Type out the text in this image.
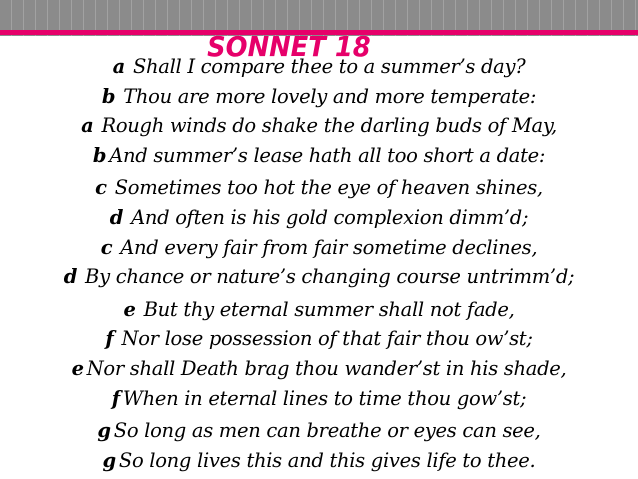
SONNET 18
a Shall I compare thee to a summer’s day?
b Thou are more lovely and more temperate:
a Rough winds do shake the darling buds of May,
b And summer’s lease hath all too short a date:
c Sometimes too hot the eye of heaven shines,
d And often is his gold complexion dimm’d;
c And every fair from fair sometime declines,
d By chance or nature’s changing course untrimm’d;
e But thy eternal summer shall not fade,
f Nor lose possession of that fair thou ow’st;
e Nor shall Death brag thou wander’st in his shade,
f When in eternal lines to time thou gow’st;
g So long as men can breathe or eyes can see,
g So long lives this and this gives life to thee.
